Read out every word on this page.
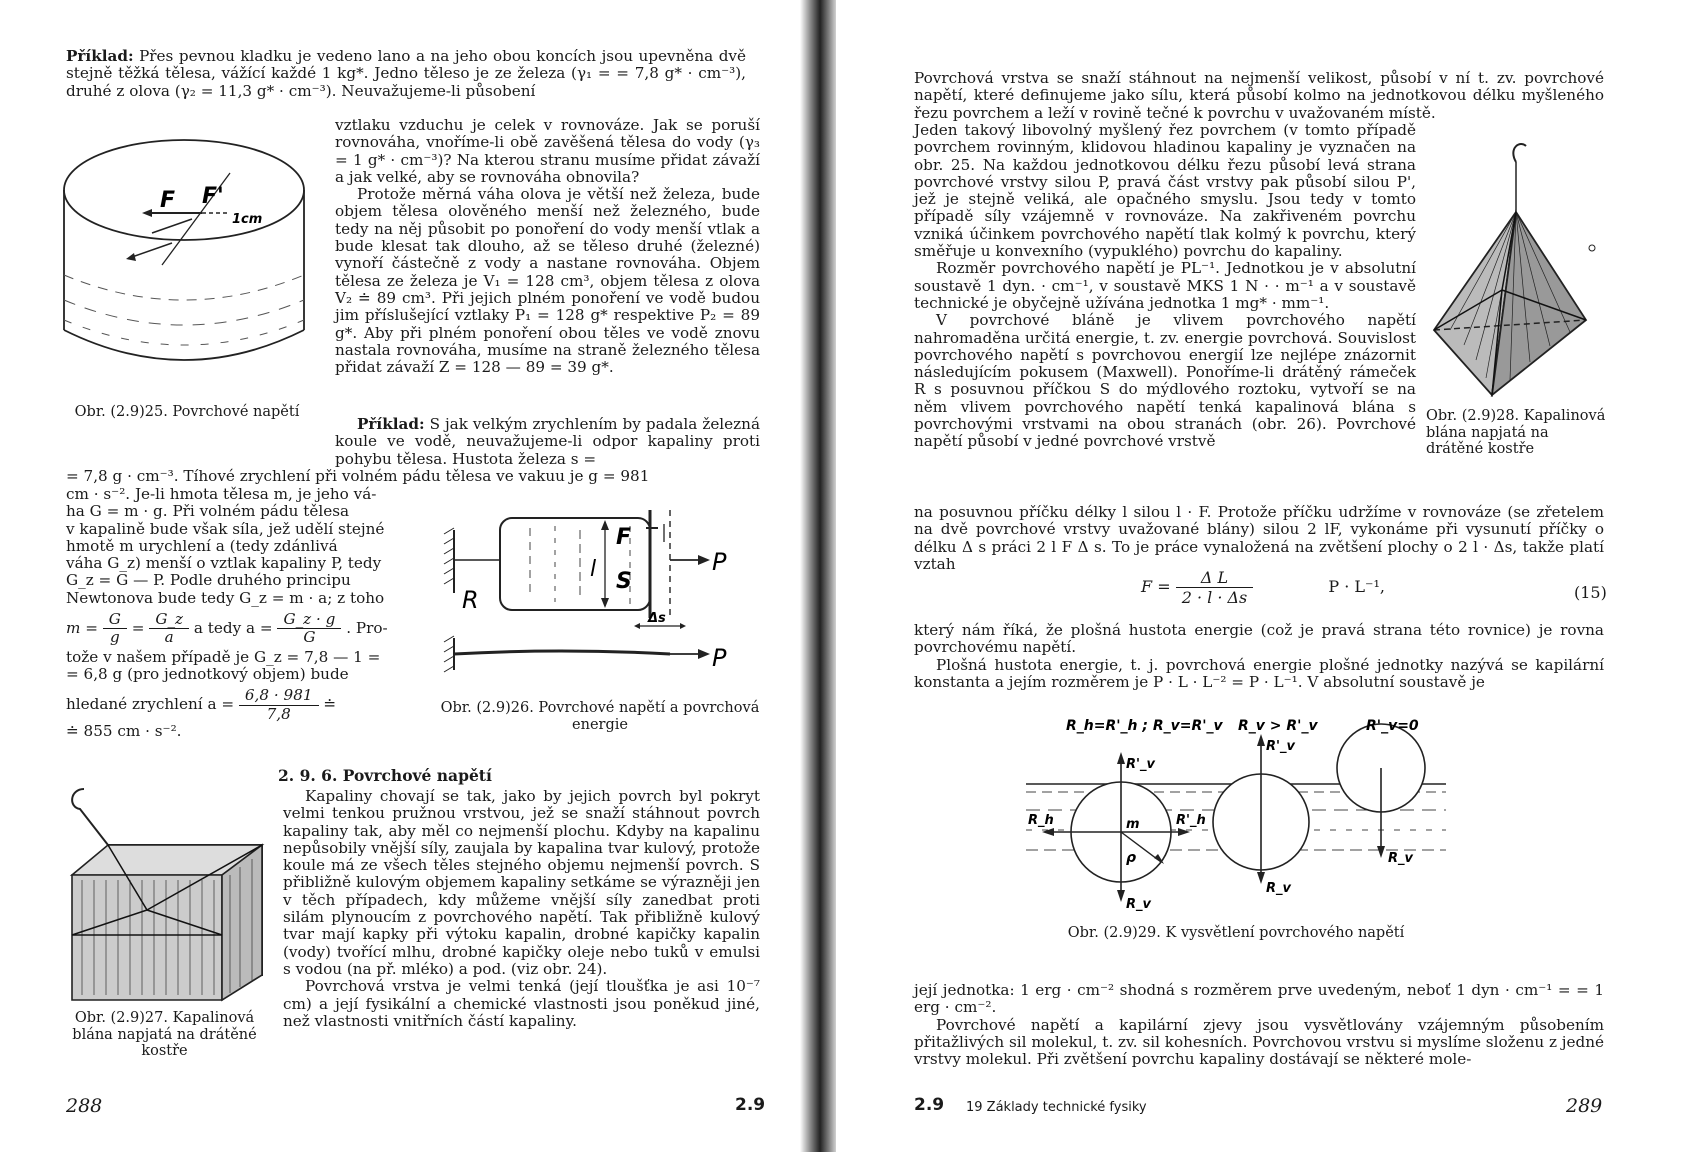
Příklad: Přes pevnou kladku je vedeno lano a na jeho obou koncích jsou upevněna dvě stejně těžká tělesa, vážící každé 1 kg*. Jedno těleso je ze železa (γ₁ = = 7,8 g* · cm⁻³), druhé z olova (γ₂ = 11,3 g* · cm⁻³). Neuvažujeme-li působení

F F'
1cm

vztlaku vzduchu je celek v rovnováze. Jak se poruší rovnováha, vnoříme-li obě zavěšená tělesa do vody (γ₃ = 1 g* · cm⁻³)? Na kterou stranu musíme přidat závaží a jak velké, aby se rovnováha obnovila?

Protože měrná váha olova je větší než železa, bude objem tělesa olověného menší než železného, bude tedy na něj působit po ponoření do vody menší vtlak a bude klesat tak dlouho, až se těleso druhé (železné) vynoří částečně z vody a nastane rovnováha. Objem tělesa ze železa je V₁ = 128 cm³, objem tělesa z olova V₂ ≐ 89 cm³. Při jejich plném ponoření ve vodě budou jim příslušející vztlaky P₁ = 128 g* respektive P₂ = 89 g*. Aby při plném ponoření obou těles ve vodě znovu nastala rovnováha, musíme na straně železného tělesa přidat závaží Z = 128 — 89 = 39 g*.

Obr. (2.9)25. Povrchové napětí

Příklad: S jak velkým zrychlením by padala železná koule ve vodě, neuvažujeme-li odpor kapaliny proti pohybu tělesa. Hustota železa s =

= 7,8 g · cm⁻³. Tíhové zrychlení při volném pádu tělesa ve vakuu je g = 981

cm · s⁻². Je-li hmota tělesa m, je jeho vá-
ha G = m · g. Při volném pádu tělesa
v kapalině bude však síla, jež udělí stejné
hmotě m urychlení a (tedy zdánlivá
váha G_z) menší o vztlak kapaliny P, tedy
G_z = G — P. Podle druhého principu
Newtonova bude tedy G_z = m · a; z toho
$m = \frac{G}{g} = \frac{G\_z}{a}$ a tedy $a = \frac{G\_z \cdot g}{G}$ . Pro-
tože v našem případě je G_z = 7,8 — 1 =
= 6,8 g (pro jednotkový objem) bude
hledané zrychlení $a = \frac{6,8 \cdot 981}{7,8}$ ≐
≐ 855 cm · s⁻².
R
P
P
F
l S
Δs
Obr. (2.9)26. Povrchové napětí a povrchová energie
2. 9. 6. Povrchové napětí

Kapaliny chovají se tak, jako by jejich povrch byl pokryt velmi tenkou pružnou vrstvou, jež se snaží stáhnout povrch kapaliny tak, aby měl co nejmenší plochu. Kdyby na kapalinu nepůsobily vnější síly, zaujala by kapalina tvar kulový, protože koule má ze všech těles stejného objemu nejmenší povrch. S přibližně kulovým objemem kapaliny setkáme se výrazněji jen v těch případech, kdy můžeme vnější síly zanedbat proti silám plynoucím z povrchového napětí. Tak přibližně kulový tvar mají kapky při výtoku kapalin, drobné kapičky kapalin (vody) tvořící mlhu, drobné kapičky oleje nebo tuků v emulsi s vodou (na př. mléko) a pod. (viz obr. 24).

Povrchová vrstva je velmi tenká (její tloušťka je asi 10⁻⁷ cm) a její fysikální a chemické vlastnosti jsou poněkud jiné, než vlastnosti vnitřních částí kapaliny.

Obr. (2.9)27. Kapalinová blána napjatá na drátěné kostře
288	2.9

Povrchová vrstva se snaží stáhnout na nejmenší velikost, působí v ní t. zv. povrchové napětí, které definujeme jako sílu, která působí kolmo na jednotkovou délku myšleného řezu povrchem a leží v rovině tečné k povrchu v uvažovaném místě.

Jeden takový libovolný myšlený řez povrchem (v tomto případě povrchem rovinným, klidovou hladinou kapaliny je vyznačen na obr. 25. Na každou jednotkovou délku řezu působí levá strana povrchové vrstvy silou P, pravá část vrstvy pak působí silou P', jež je stejně veliká, ale opačného smyslu. Jsou tedy v tomto případě síly vzájemně v rovnováze. Na zakřiveném povrchu vzniká účinkem povrchového napětí tlak kolmý k povrchu, který směřuje u konvexního (vypuklého) povrchu do kapaliny.

Rozměr povrchového napětí je PL⁻¹. Jednotkou je v absolutní soustavě 1 dyn. · cm⁻¹, v soustavě MKS 1 N · · m⁻¹ a v soustavě technické je obyčejně užívána jednotka 1 mg* · mm⁻¹.

V povrchové bláně je vlivem povrchového napětí nahromaděna určitá energie, t. zv. energie povrchová. Souvislost povrchového napětí s povrchovou energií lze nejlépe znázornit následujícím pokusem (Maxwell). Ponoříme-li drátěný rámeček R s posuvnou příčkou S do mýdlového roztoku, vytvoří se na něm vlivem povrchového napětí tenká kapalinová blána s povrchovými vrstvami na obou stranách (obr. 26). Povrchové napětí působí v jedné povrchové vrstvě

Obr. (2.9)28. Kapalinová blána napjatá na drátěné kostře

na posuvnou příčku délky l silou l · F. Protože příčku udržíme v rovnováze (se zřetelem na dvě povrchové vrstvy uvažované blány) silou 2 lF, vykonáme při vysunutí příčky o délku Δ s práci 2 l F Δ s. To je práce vynaložená na zvětšení plochy o 2 l · Δs, takže platí vztah

$F = \frac{\text{Δ L}}{2 \cdot l \cdot \Delta s}$	P · L⁻¹,	(15)

který nám říká, že plošná hustota energie (což je pravá strana této rovnice) je rovna povrchovému napětí.

Plošná hustota energie, t. j. povrchová energie plošné jednotky nazývá se kapilární konstanta a jejím rozměrem je P · L · L⁻² = P · L⁻¹. V absolutní soustavě je

R_h=R'_h ; R_v=R'_v R_v > R'_v	R'_v=0
R'_v
R_h	R'_h
m
ρ
R_v
R'_v
R_v
R_v
Obr. (2.9)29. K vysvětlení povrchového napětí

její jednotka: 1 erg · cm⁻² shodná s rozměrem prve uvedeným, neboť 1 dyn · cm⁻¹ = = 1 erg · cm⁻².

Povrchové napětí a kapilární zjevy jsou vysvětlovány vzájemným působením přitažlivých sil molekul, t. zv. sil kohesních. Povrchovou vrstvu si myslíme složenu z jedné vrstvy molekul. Při zvětšení povrchu kapaliny dostávají se některé mole-

2.9 19 Základy technické fysiky	289
